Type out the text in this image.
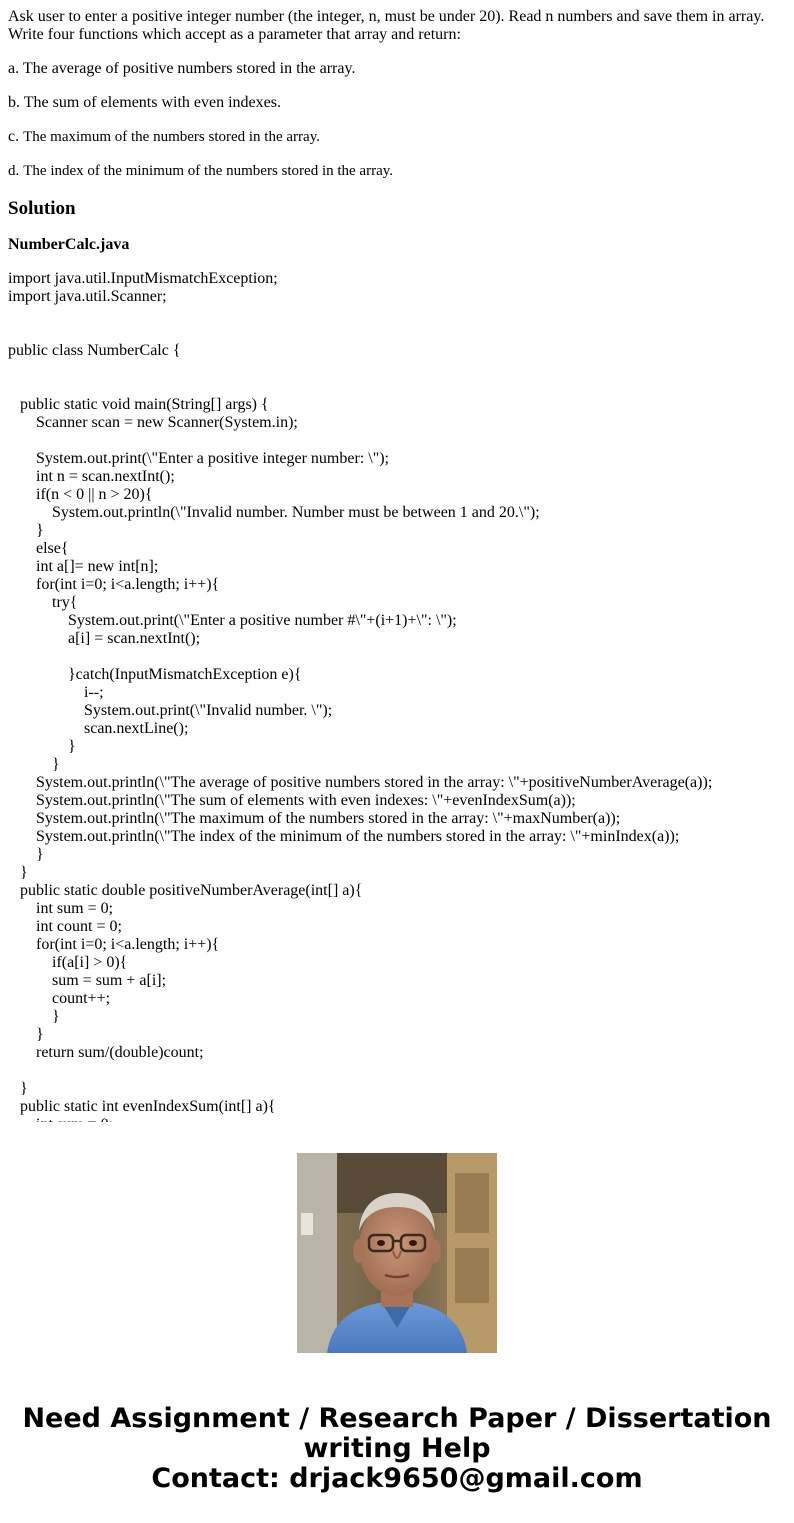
Ask user to enter a positive integer number (the integer, n, must be under 20). Read n numbers and save them in array.
Write four functions which accept as a parameter that array and return:
a. The average of positive numbers stored in the array.
b. The sum of elements with even indexes.
c. The maximum of the numbers stored in the array.
d. The index of the minimum of the numbers stored in the array.
Solution
NumberCalc.java
import java.util.InputMismatchException;
import java.util.Scanner;
public class NumberCalc {
public static void main(String[] args) {
Scanner scan = new Scanner(System.in);

System.out.print(\"Enter a positive integer number: \");
int n = scan.nextInt();
if(n < 0 || n > 20){
System.out.println(\"Invalid number. Number must be between 1 and 20.\");
}
else{
int a[]= new int[n];
for(int i=0; i<a.length; i++){
try{
System.out.print(\"Enter a positive number #\"+(i+1)+\": \");
a[i] = scan.nextInt();

}catch(InputMismatchException e){
i--;
System.out.print(\"Invalid number. \");
scan.nextLine();
}
}
System.out.println(\"The average of positive numbers stored in the array: \"+positiveNumberAverage(a));
System.out.println(\"The sum of elements with even indexes: \"+evenIndexSum(a));
System.out.println(\"The maximum of the numbers stored in the array: \"+maxNumber(a));
System.out.println(\"The index of the minimum of the numbers stored in the array: \"+minIndex(a));
}
}
public static double positiveNumberAverage(int[] a){
int sum = 0;
int count = 0;
for(int i=0; i<a.length; i++){
if(a[i] > 0){
sum = sum + a[i];
count++;
}
}
return sum/(double)count;

}
public static int evenIndexSum(int[] a){
Need Assignment / Research Paper / Dissertation
writing Help
Contact: drjack9650@gmail.com
